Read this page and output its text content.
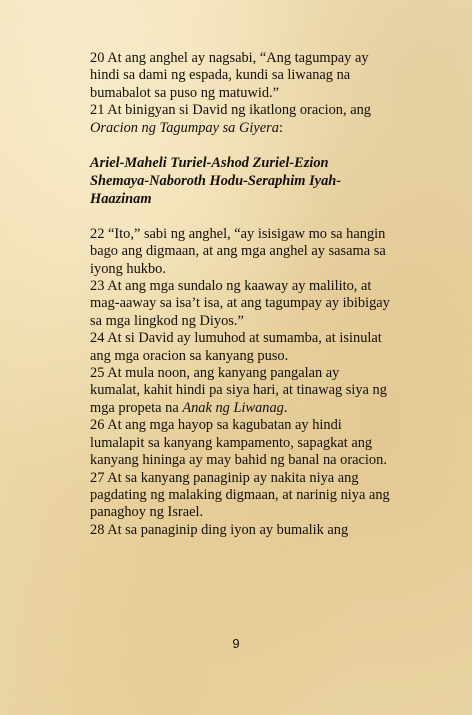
20 At ang anghel ay nagsabi, “Ang tagumpay ay hindi sa dami ng espada, kundi sa liwanag na bumabalot sa puso ng matuwid.”

21 At binigyan si David ng ikatlong oracion, ang Oracion ng Tagumpay sa Giyera:

Ariel-Maheli Turiel-Ashod Zuriel-Ezion Shemaya-Naboroth Hodu-Seraphim Iyah-Haazinam

22 “Ito,” sabi ng anghel, “ay isisigaw mo sa hangin bago ang digmaan, at ang mga anghel ay sasama sa iyong hukbo.

23 At ang mga sundalo ng kaaway ay malilito, at mag-aaway sa isa’t isa, at ang tagumpay ay ibibigay sa mga lingkod ng Diyos.”

24 At si David ay lumuhod at sumamba, at isinulat ang mga oracion sa kanyang puso.

25 At mula noon, ang kanyang pangalan ay kumalat, kahit hindi pa siya hari, at tinawag siya ng mga propeta na Anak ng Liwanag.

26 At ang mga hayop sa kagubatan ay hindi lumalapit sa kanyang kampamento, sapagkat ang kanyang hininga ay may bahid ng banal na oracion.

27 At sa kanyang panaginip ay nakita niya ang pagdating ng malaking digmaan, at narinig niya ang panaghoy ng Israel.

28 At sa panaginip ding iyon ay bumalik ang

9
